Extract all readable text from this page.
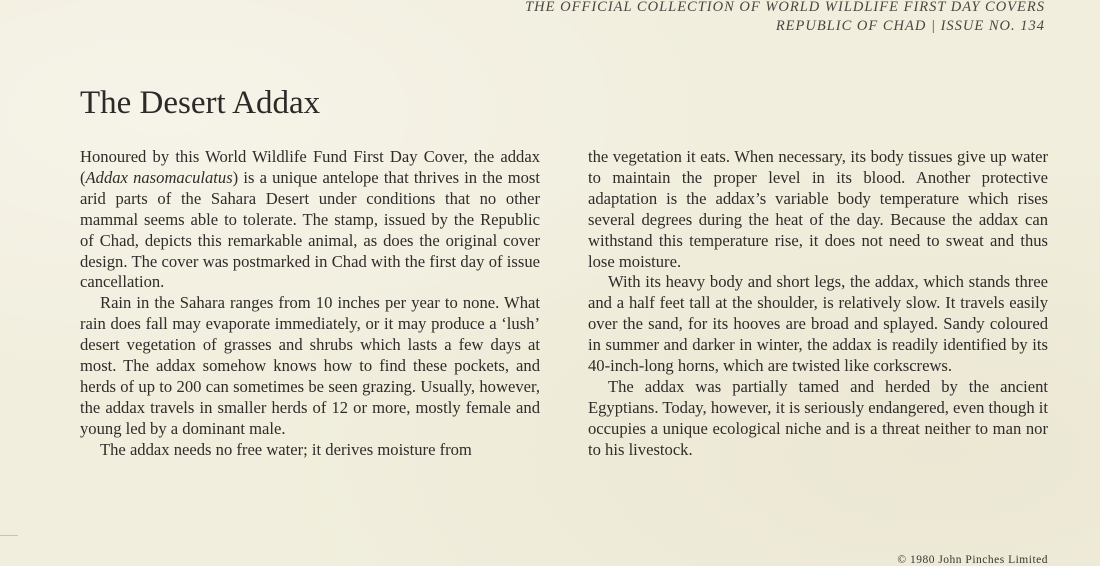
THE OFFICIAL COLLECTION OF WORLD WILDLIFE FIRST DAY COVERS
REPUBLIC OF CHAD | ISSUE NO. 134
The Desert Addax

Honoured by this World Wildlife Fund First Day Cover, the addax (Addax nasomaculatus) is a unique antelope that thrives in the most arid parts of the Sahara Desert under conditions that no other mammal seems able to tolerate. The stamp, issued by the Republic of Chad, depicts this remarkable animal, as does the original cover design. The cover was postmarked in Chad with the first day of issue cancellation.

Rain in the Sahara ranges from 10 inches per year to none. What rain does fall may evaporate immediately, or it may produce a ‘lush’ desert vegetation of grasses and shrubs which lasts a few days at most. The addax somehow knows how to find these pockets, and herds of up to 200 can sometimes be seen grazing. Usually, however, the addax travels in smaller herds of 12 or more, mostly female and young led by a dominant male.

The addax needs no free water; it derives moisture from

the vegetation it eats. When necessary, its body tissues give up water to maintain the proper level in its blood. Another protective adaptation is the addax’s variable body temperature which rises several degrees during the heat of the day. Because the addax can withstand this temperature rise, it does not need to sweat and thus lose moisture.

With its heavy body and short legs, the addax, which stands three and a half feet tall at the shoulder, is relatively slow. It travels easily over the sand, for its hooves are broad and splayed. Sandy coloured in summer and darker in winter, the addax is readily identified by its 40-inch-long horns, which are twisted like corkscrews.

The addax was partially tamed and herded by the ancient Egyptians. Today, however, it is seriously endangered, even though it occupies a unique ecological niche and is a threat neither to man nor to his livestock.

© 1980 John Pinches Limited
